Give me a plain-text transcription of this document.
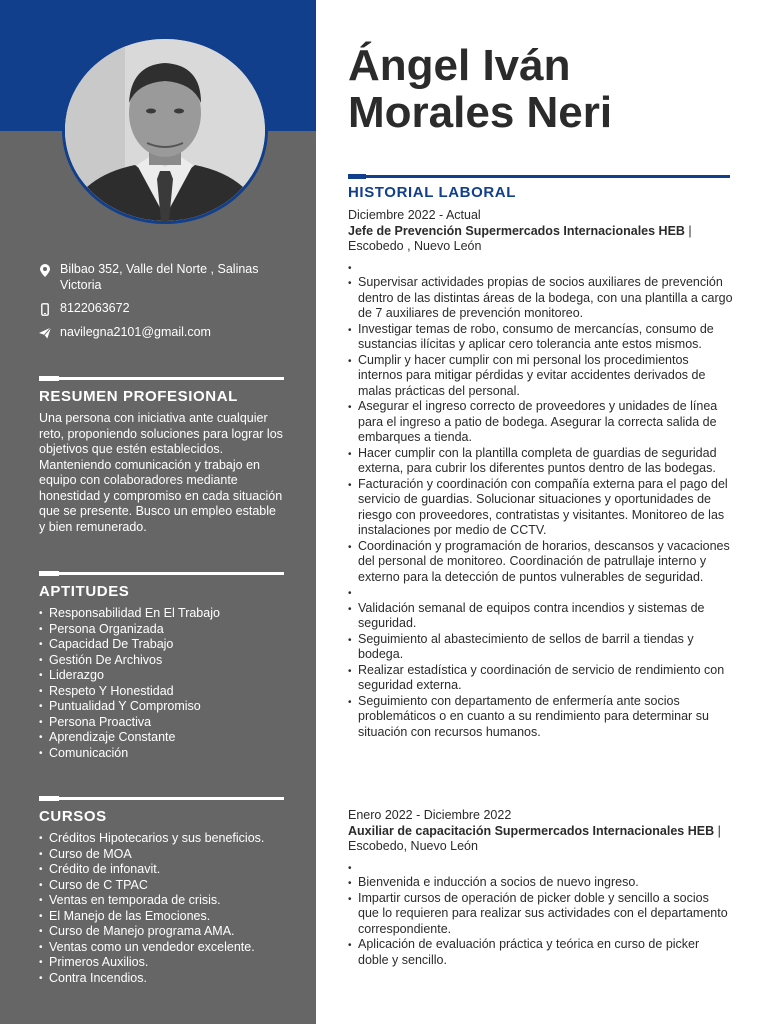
Bilbao 352, Valle del Norte , Salinas Victoria
8122063672
navilegna2101@gmail.com
RESUMEN PROFESIONAL
Una persona con iniciativa ante cualquier reto, proponiendo soluciones para lograr los objetivos que estén establecidos. Manteniendo comunicación y trabajo en equipo con colaboradores mediante honestidad y compromiso en cada situación que se presente. Busco un empleo estable y bien remunerado.
APTITUDES
• Responsabilidad En El Trabajo
• Persona Organizada
• Capacidad De Trabajo
• Gestión De Archivos
• Liderazgo
• Respeto Y Honestidad
• Puntualidad Y Compromiso
• Persona Proactiva
• Aprendizaje Constante
• Comunicación
CURSOS
• Créditos Hipotecarios y sus beneficios.
• Curso de MOA
• Crédito de infonavit.
• Curso de C TPAC
• Ventas en temporada de crisis.
• El Manejo de las Emociones.
• Curso de Manejo programa AMA.
• Ventas como un vendedor excelente.
• Primeros Auxilios.
• Contra Incendios.
Ángel Iván
Morales Neri
HISTORIAL LABORAL
Diciembre 2022 - Actual
Jefe de Prevención Supermercados Internacionales HEB | Escobedo , Nuevo León
•
• Supervisar actividades propias de socios auxiliares de prevención dentro de las distintas áreas de la bodega, con una plantilla a cargo de 7 auxiliares de prevención monitoreo.
• Investigar temas de robo, consumo de mercancías, consumo de sustancias ilícitas y aplicar cero tolerancia ante estos mismos.
• Cumplir y hacer cumplir con mi personal los procedimientos internos para mitigar pérdidas y evitar accidentes derivados de malas prácticas del personal.
• Asegurar el ingreso correcto de proveedores y unidades de línea para el ingreso a patio de bodega. Asegurar la correcta salida de embarques a tienda.
• Hacer cumplir con la plantilla completa de guardias de seguridad externa, para cubrir los diferentes puntos dentro de las bodegas.
• Facturación y coordinación con compañía externa para el pago del servicio de guardias. Solucionar situaciones y oportunidades de riesgo con proveedores, contratistas y visitantes. Monitoreo de las instalaciones por medio de CCTV.
• Coordinación y programación de horarios, descansos y vacaciones del personal de monitoreo. Coordinación de patrullaje interno y externo para la detección de puntos vulnerables de seguridad.
•
• Validación semanal de equipos contra incendios y sistemas de seguridad.
• Seguimiento al abastecimiento de sellos de barril a tiendas y bodega.
• Realizar estadística y coordinación de servicio de rendimiento con seguridad externa.
• Seguimiento con departamento de enfermería ante socios problemáticos o en cuanto a su rendimiento para determinar su situación con recursos humanos.
Enero 2022 - Diciembre 2022
Auxiliar de capacitación Supermercados Internacionales HEB | Escobedo, Nuevo León
•
• Bienvenida e inducción a socios de nuevo ingreso.
• Impartir cursos de operación de picker doble y sencillo a socios que lo requieren para realizar sus actividades con el departamento correspondiente.
• Aplicación de evaluación práctica y teórica en curso de picker doble y sencillo.
